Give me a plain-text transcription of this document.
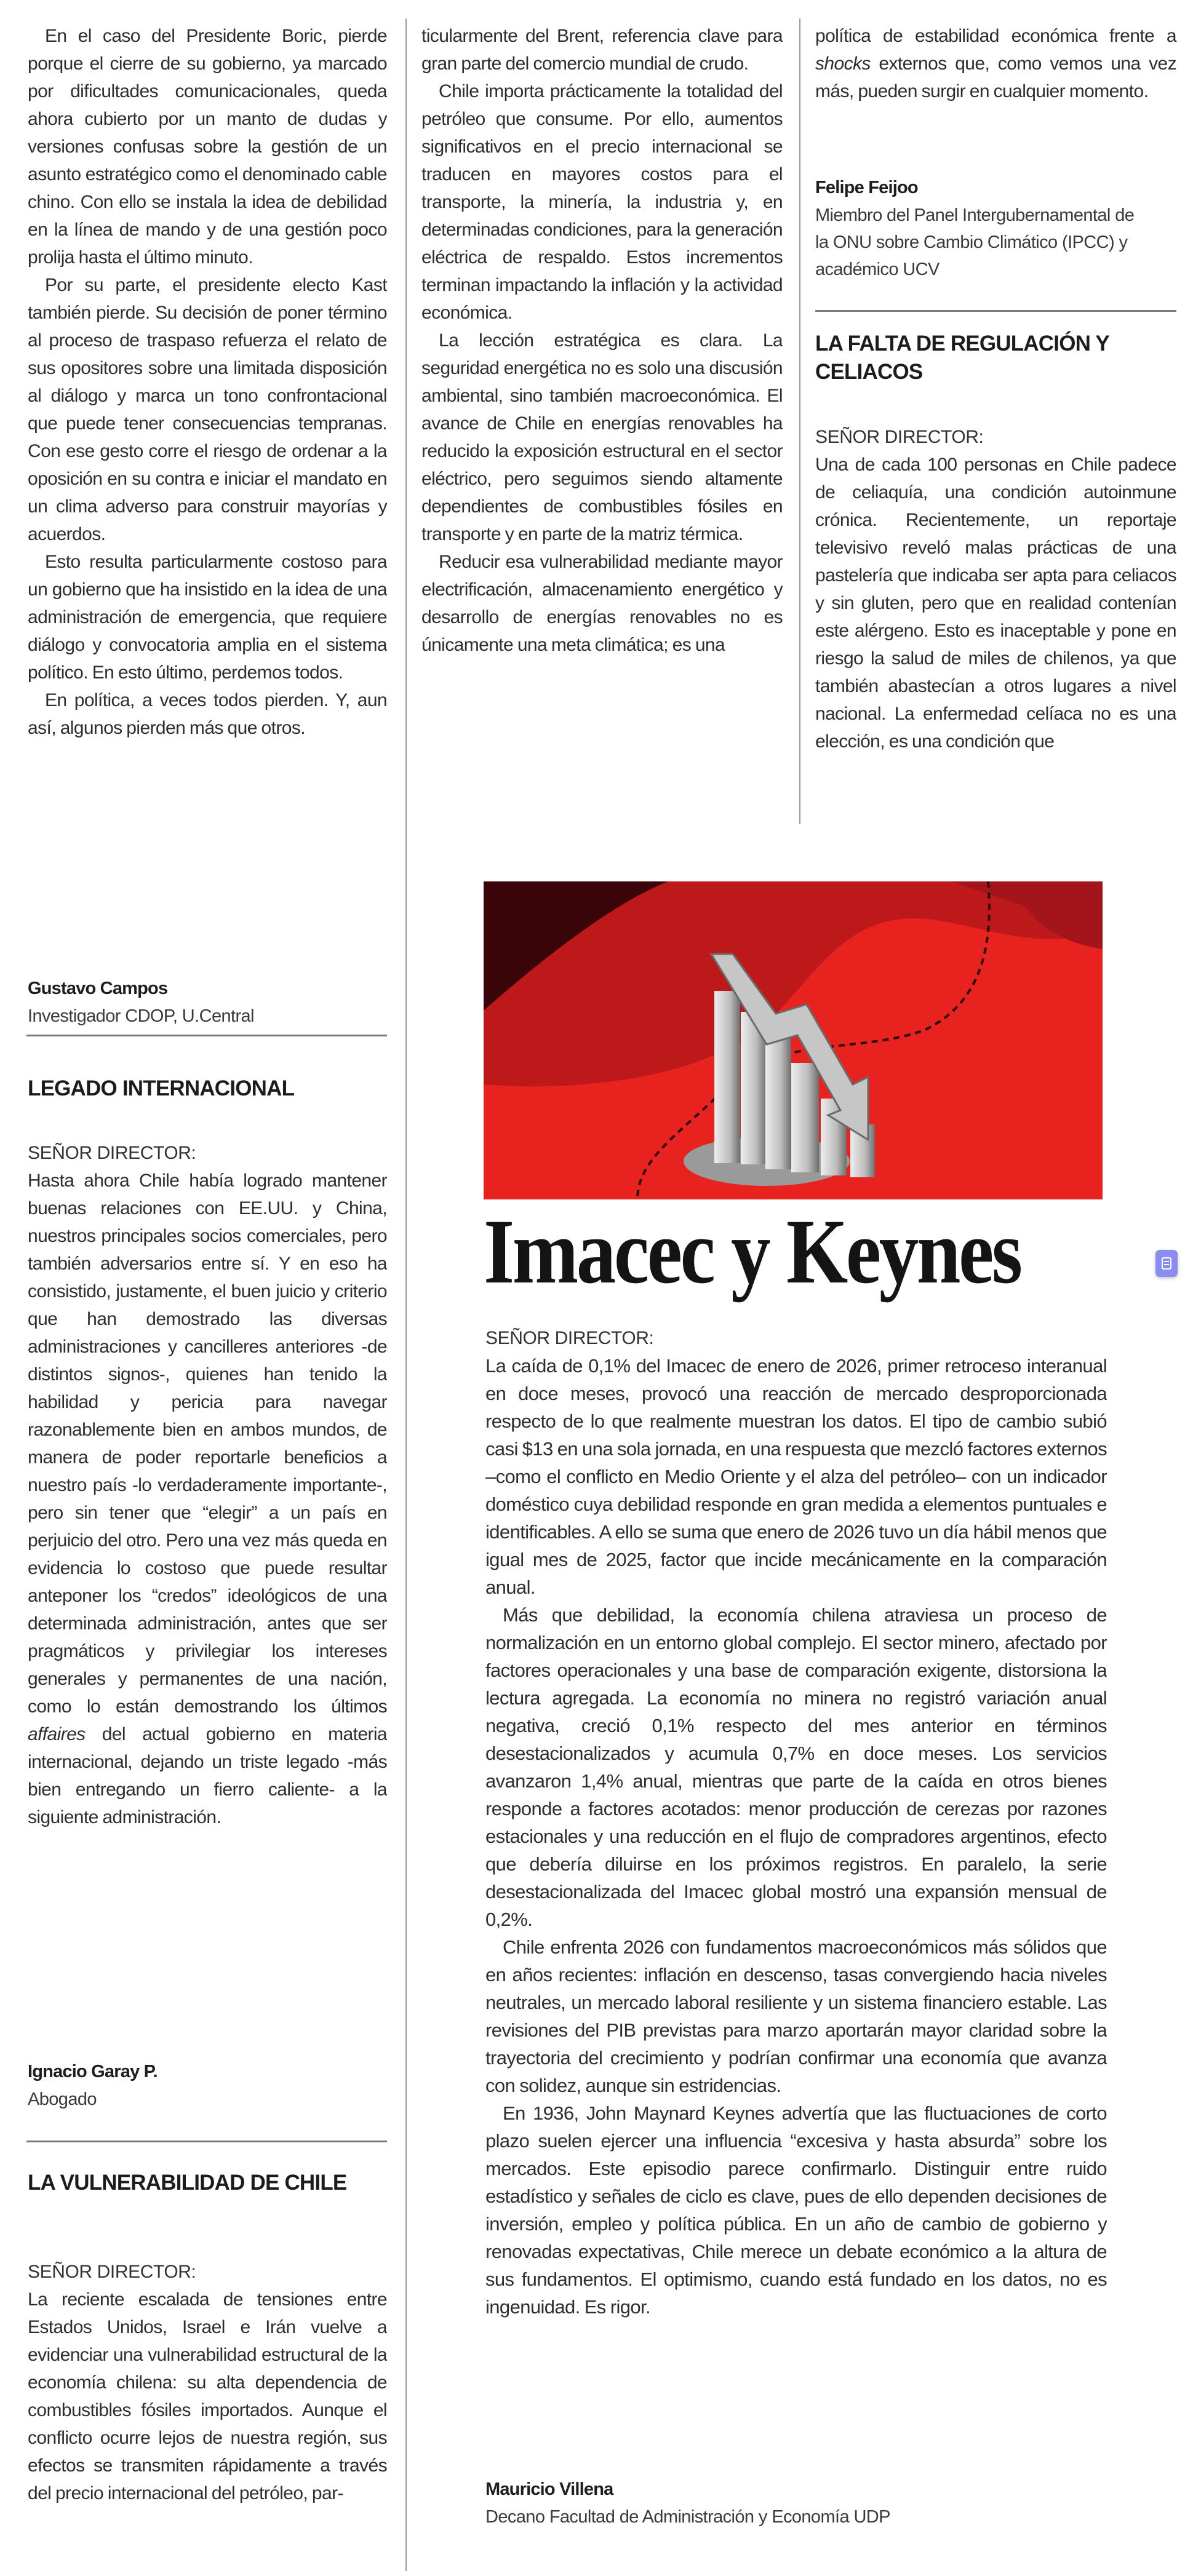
En el caso del Presidente Boric, pierde porque el cierre de su gobierno, ya marcado por dificultades comunicacionales, queda ahora cubierto por un manto de dudas y versiones confusas sobre la gestión de un asunto estratégico como el denominado cable chino. Con ello se instala la idea de debilidad en la línea de mando y de una gestión poco prolija hasta el último minuto.

Por su parte, el presidente electo Kast también pierde. Su decisión de poner término al proceso de traspaso refuerza el relato de sus opositores sobre una limitada disposición al diálogo y marca un tono confrontacional que puede tener consecuencias tempranas. Con ese gesto corre el riesgo de ordenar a la oposición en su contra e iniciar el mandato en un clima adverso para construir mayorías y acuerdos.

Esto resulta particularmente costoso para un gobierno que ha insistido en la idea de una administración de emergencia, que requiere diálogo y convocatoria amplia en el sistema político. En esto último, perdemos todos.

En política, a veces todos pierden. Y, aun así, algunos pierden más que otros.

Gustavo Campos
Investigador CDOP, U.Central
LEGADO INTERNACIONAL
SEÑOR DIRECTOR:

Hasta ahora Chile había logrado mantener buenas relaciones con EE.UU. y China, nuestros principales socios comerciales, pero también adversarios entre sí. Y en eso ha consistido, justamente, el buen juicio y criterio que han demostrado las diversas administraciones y cancilleres anteriores -de distintos signos-, quienes han tenido la habilidad y pericia para navegar razonablemente bien en ambos mundos, de manera de poder reportarle beneficios a nuestro país -lo verdaderamente importante-, pero sin tener que “elegir” a un país en perjuicio del otro. Pero una vez más queda en evidencia lo costoso que puede resultar anteponer los “credos” ideológicos de una determinada administración, antes que ser pragmáticos y privilegiar los intereses generales y permanentes de una nación, como lo están demostrando los últimos affaires del actual gobierno en materia internacional, dejando un triste legado -más bien entregando un fierro caliente- a la siguiente administración.

Ignacio Garay P.
Abogado
LA VULNERABILIDAD DE CHILE
SEÑOR DIRECTOR:

La reciente escalada de tensiones entre Estados Unidos, Israel e Irán vuelve a evidenciar una vulnerabilidad estructural de la economía chilena: su alta dependencia de combustibles fósiles importados. Aunque el conflicto ocurre lejos de nuestra región, sus efectos se transmiten rápidamente a través del precio internacional del petróleo, par-

ticularmente del Brent, referencia clave para gran parte del comercio mundial de crudo.

Chile importa prácticamente la totalidad del petróleo que consume. Por ello, aumentos significativos en el precio internacional se traducen en mayores costos para el transporte, la minería, la industria y, en determinadas condiciones, para la generación eléctrica de respaldo. Estos incrementos terminan impactando la inflación y la actividad económica.

La lección estratégica es clara. La seguridad energética no es solo una discusión ambiental, sino también macroeconómica. El avance de Chile en energías renovables ha reducido la exposición estructural en el sector eléctrico, pero seguimos siendo altamente dependientes de combustibles fósiles en transporte y en parte de la matriz térmica.

Reducir esa vulnerabilidad mediante mayor electrificación, almacenamiento energético y desarrollo de energías renovables no es únicamente una meta climática; es una

política de estabilidad económica frente a shocks externos que, como vemos una vez más, pueden surgir en cualquier momento.

Felipe Feijoo
Miembro del Panel Intergubernamental de la ONU sobre Cambio Climático (IPCC) y académico UCV
LA FALTA DE REGULACIÓN Y CELIACOS
SEÑOR DIRECTOR:

Una de cada 100 personas en Chile padece de celiaquía, una condición autoinmune crónica. Recientemente, un reportaje televisivo reveló malas prácticas de una pastelería que indicaba ser apta para celiacos y sin gluten, pero que en realidad contenían este alérgeno. Esto es inaceptable y pone en riesgo la salud de miles de chilenos, ya que también abastecían a otros lugares a nivel nacional. La enfermedad celíaca no es una elección, es una condición que

Imacec y Keynes
SEÑOR DIRECTOR:

La caída de 0,1% del Imacec de enero de 2026, primer retroceso interanual en doce meses, provocó una reacción de mercado desproporcionada respecto de lo que realmente muestran los datos. El tipo de cambio subió casi $13 en una sola jornada, en una respuesta que mezcló factores externos –como el conflicto en Medio Oriente y el alza del petróleo– con un indicador doméstico cuya debilidad responde en gran medida a elementos puntuales e identificables. A ello se suma que enero de 2026 tuvo un día hábil menos que igual mes de 2025, factor que incide mecánicamente en la comparación anual.

Más que debilidad, la economía chilena atraviesa un proceso de normalización en un entorno global complejo. El sector minero, afectado por factores operacionales y una base de comparación exigente, distorsiona la lectura agregada. La economía no minera no registró variación anual negativa, creció 0,1% respecto del mes anterior en términos desestacionalizados y acumula 0,7% en doce meses. Los servicios avanzaron 1,4% anual, mientras que parte de la caída en otros bienes responde a factores acotados: menor producción de cerezas por razones estacionales y una reducción en el flujo de compradores argentinos, efecto que debería diluirse en los próximos registros. En paralelo, la serie desestacionalizada del Imacec global mostró una expansión mensual de 0,2%.

Chile enfrenta 2026 con fundamentos macroeconómicos más sólidos que en años recientes: inflación en descenso, tasas convergiendo hacia niveles neutrales, un mercado laboral resiliente y un sistema financiero estable. Las revisiones del PIB previstas para marzo aportarán mayor claridad sobre la trayectoria del crecimiento y podrían confirmar una economía que avanza con solidez, aunque sin estridencias.

En 1936, John Maynard Keynes advertía que las fluctuaciones de corto plazo suelen ejercer una influencia “excesiva y hasta absurda” sobre los mercados. Este episodio parece confirmarlo. Distinguir entre ruido estadístico y señales de ciclo es clave, pues de ello dependen decisiones de inversión, empleo y política pública. En un año de cambio de gobierno y renovadas expectativas, Chile merece un debate económico a la altura de sus fundamentos. El optimismo, cuando está fundado en los datos, no es ingenuidad. Es rigor.

Mauricio Villena
Decano Facultad de Administración y Economía UDP
